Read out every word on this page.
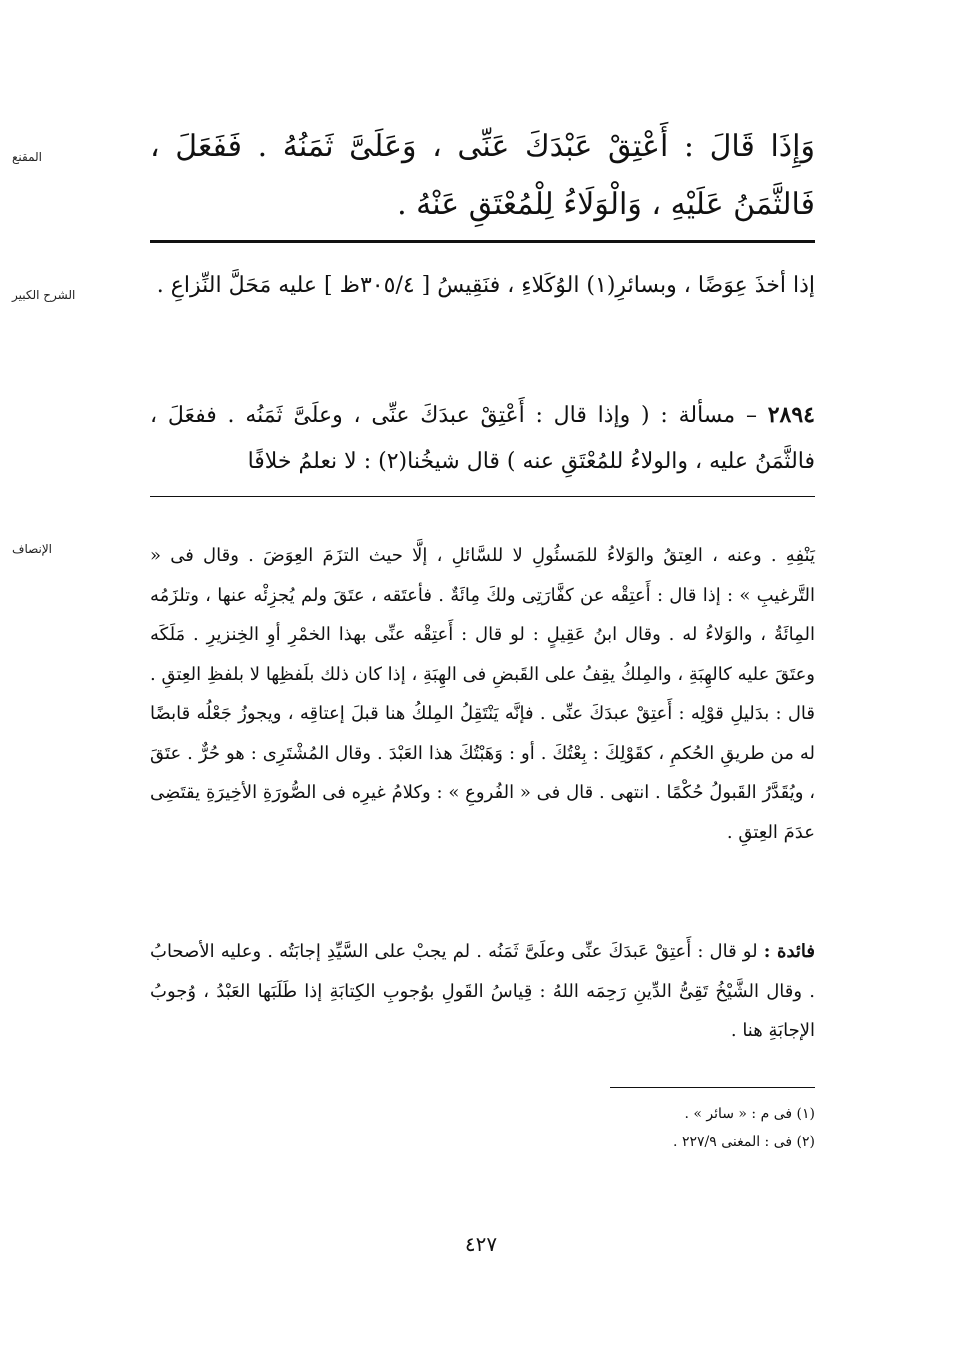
المقنع	وَإِذَا قَالَ : أَعْتِقْ عَبْدَكَ عَنِّى ، وَعَلَىَّ ثَمَنُهُ . فَفَعَلَ ، فَالثَّمَنُ عَلَيْهِ ، وَالْوَلَاءُ لِلْمُعْتَقِ عَنْهُ .

الشرح الكبير	إذا أخذَ عِوَضًا ، وبسائرِ(١) الوُكَلاءِ ، فنَقِيسُ [ ٥/٤‏٣٠ظ ] عليه مَحَلَّ النِّزاعِ .

٢٨٩٤ – مسألة : ( وإذا قال : أَعْتِقْ عبدَكَ عنِّى ، وعلَىَّ ثَمَنُه . ففعَلَ ، فالثَّمَنُ عليه ، والولاءُ للمُعْتَقِ عنه ) قال شيخُنا(٢) : لا نعلمُ خلافًا

الإنصاف	يَنْفِهِ . وعنه ، العِتقُ والوَلاءُ للمَسئُولِ لا للسَّائلِ ، إلَّا حيث التزَمَ العِوَضَ . وقال فى « التَّرغيبِ » : إذا قال : أَعتِقْه عن كفَّارَتِى ولكَ مِائَةٌ . فأعتَقه ، عتَقَ ولم يُجزِئْه عنها ، وتلزَمُه المِائَةُ ، والوَلاءُ له . وقال ابنُ عَقِيلٍ : لو قال : أَعتِقْه عنِّى بهذا الخمْرِ أوِ الخِنزيرِ . مَلَكَه وعتَقَ عليه كالهِبَةِ ، والمِلكُ يقِفُ على القَبضِ فى الهِبَةِ ، إذا كان ذلك بلَفظِها لا بلفظِ العِتقِ . قال : بدَليلِ قوْلِه : أَعتِقْ عبدَكَ عنِّى . فإنَّه يَنْتَقِلُ المِلكُ هنا قبلَ إعتاقِه ، ويجوزُ جَعْلُه قابضًا له من طريقِ الحُكمِ ، كقَوْلِكَ : بِعْتُكَ . أو : وَهَبْتُكَ هذا العَبْدَ . وقال المُشْتَرِى : هو حُرٌّ . عتَقَ ، ويُقَدَّرُ القَبولُ حُكْمًا . انتهى . قال فى « الفُروعِ » : وكلامُ غيرِه فى الصُّورَةِ الأخِيرَةِ يقتَضِى عدَمَ العِتقِ .

فائدة : لو قال : أَعتِقْ عَبدَكَ عنِّى وعلَىَّ ثَمَنُه . لم يجبْ على السَّيِّدِ إجابَتُه . وعليه الأصحابُ . وقال الشَّيْخُ تَقِىُّ الدِّينِ رَحِمَه اللهُ : قِياسُ القَولِ بوُجوبِ الكِتابَةِ إذا طَلَبَها العَبْدُ ، وُجوبُ الإجابَةِ هنا .

(١) فى م : « سائر » .
(٢) فى : المغنى ٢٢٧/٩ .
٤٢٧
